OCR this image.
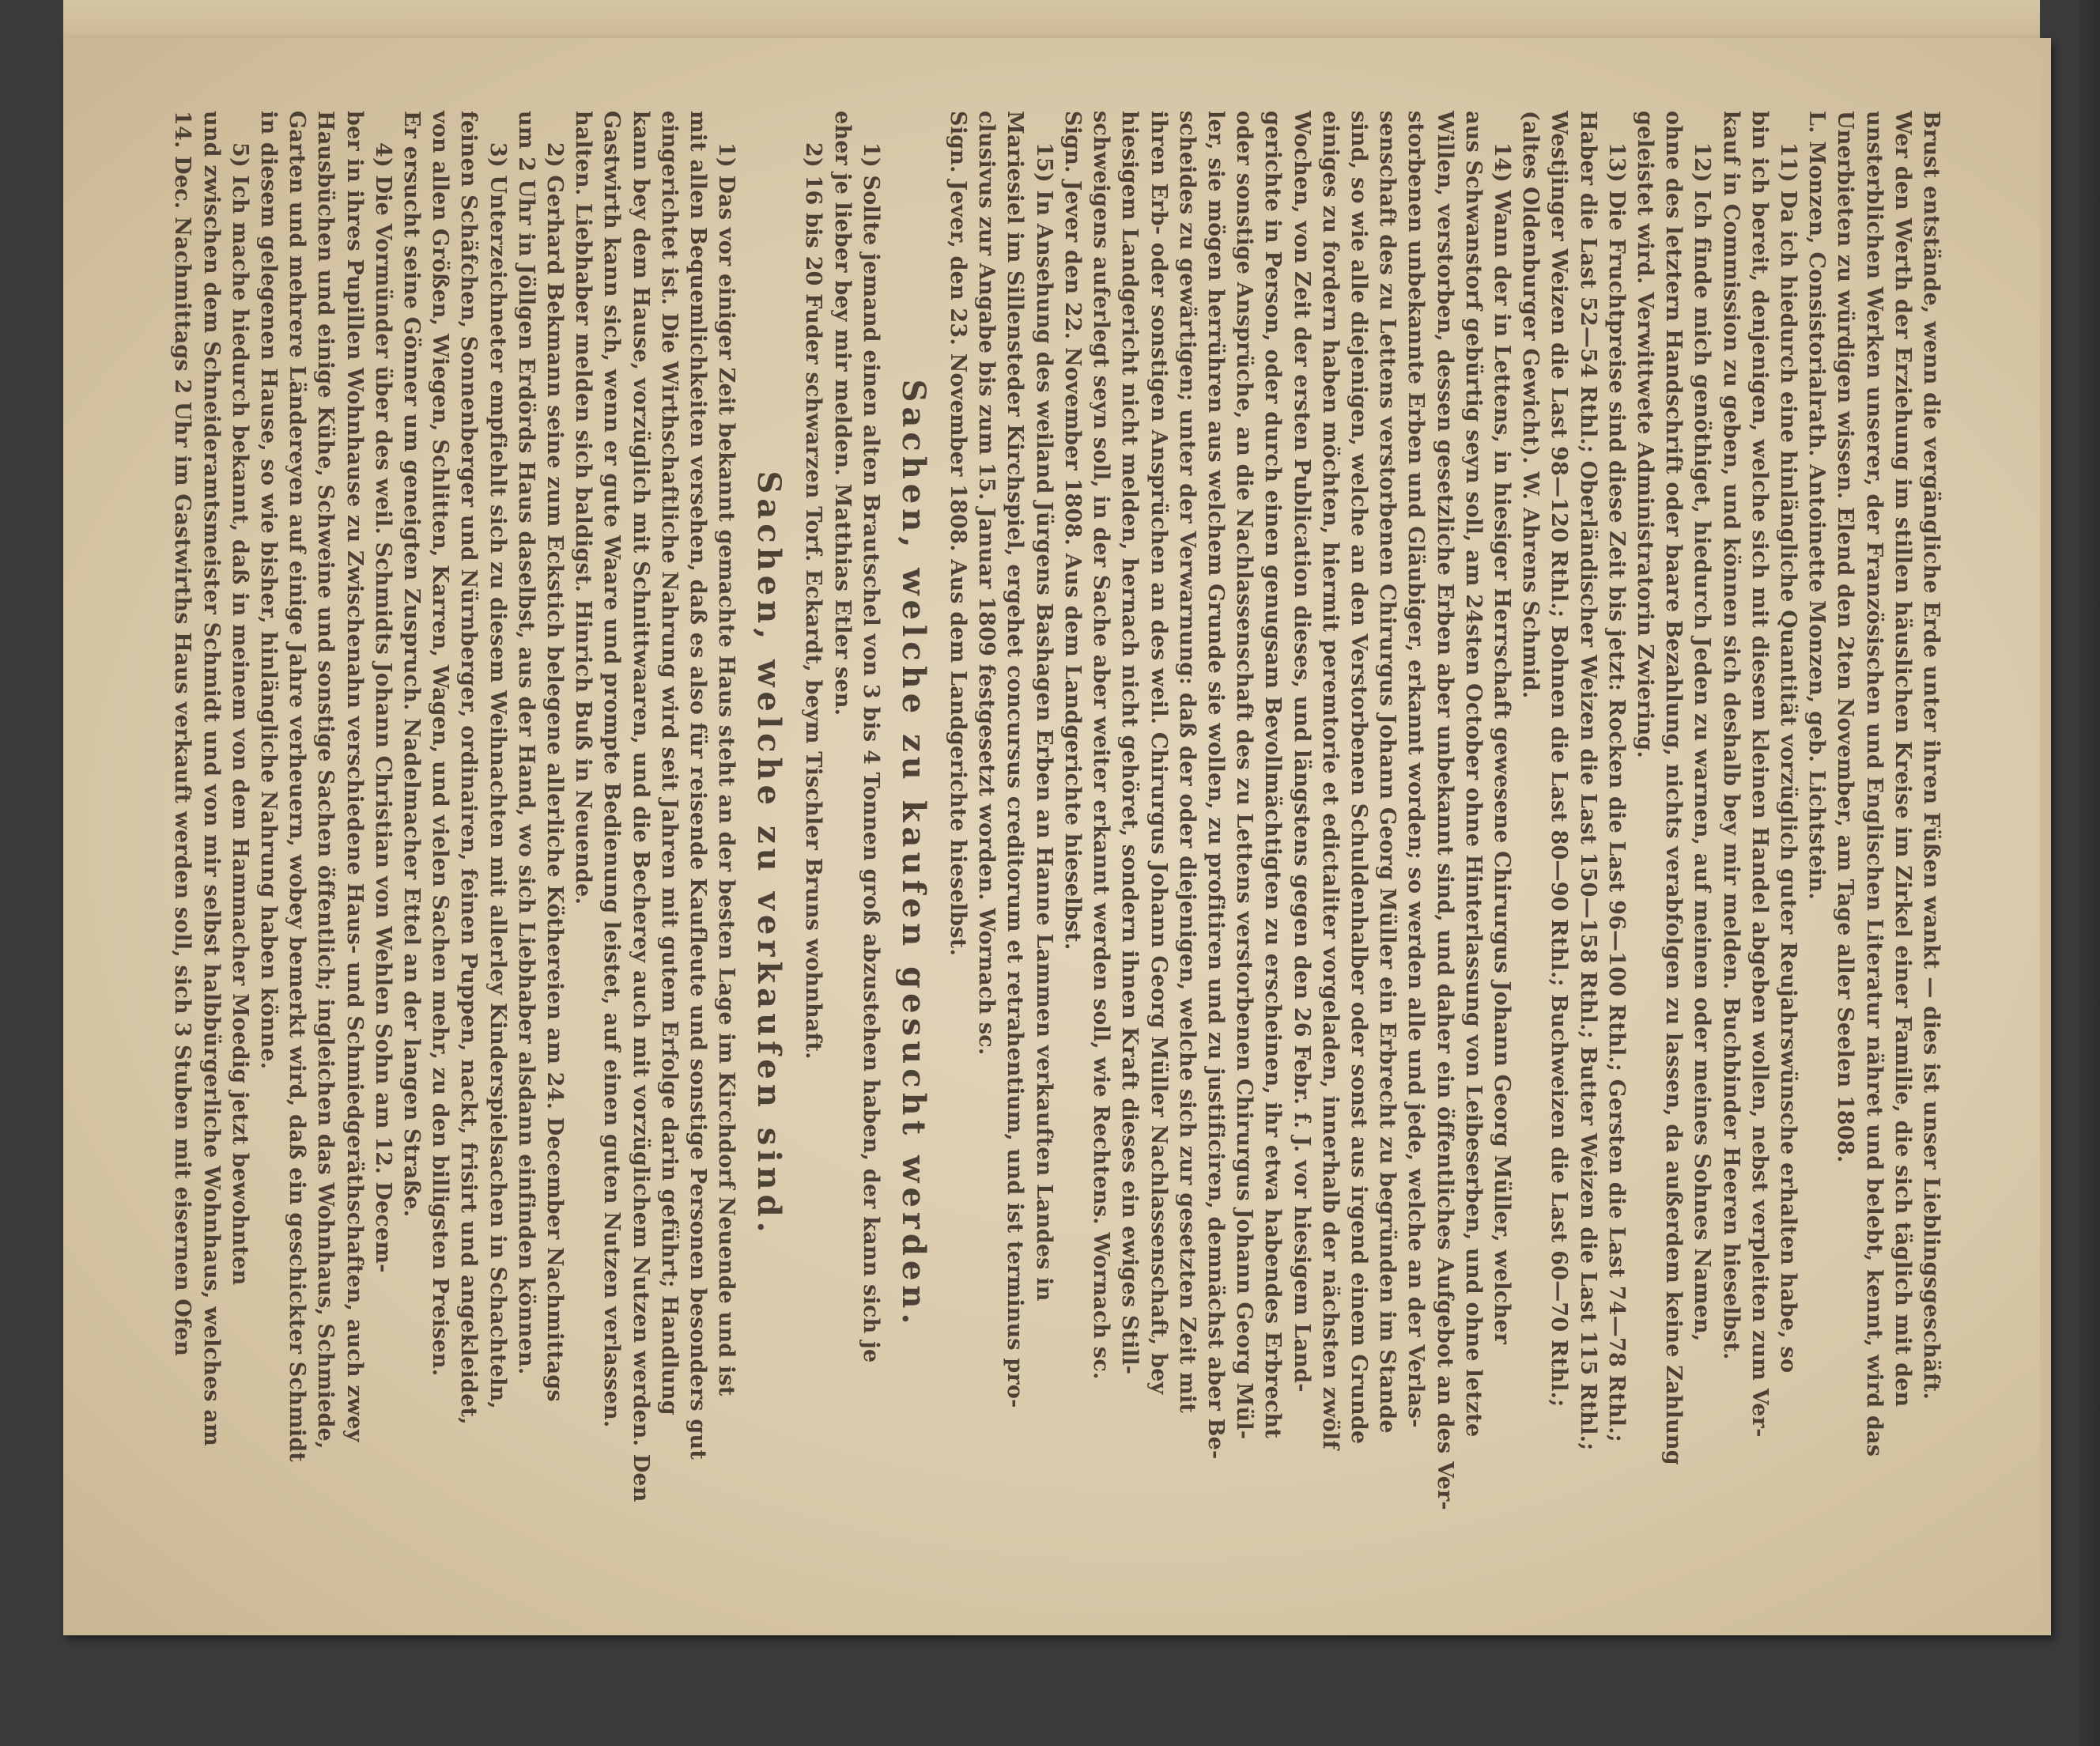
Brust entstände, wenn die vergängliche Erde unter ihren Füßen wankt — dies ist unser Lieblingsgeschäft.

Wer den Werth der Erziehung im stillen häuslichen Kreise im Zirkel einer Familie, die sich täglich mit den

unsterblichen Werken unserer, der Französischen und Englischen Literatur nähret und belebt, kennt, wird das

Unerbieten zu würdigen wissen. Elend den 2ten November, am Tage aller Seelen 1808.

L. Monzen, Consistorialrath. Antoinette Monzen, geb. Lichtstein.

11) Da ich hiedurch eine hinlängliche Quantität vorzüglich guter Reujahrswünsche erhalten habe, so

bin ich bereit, denjenigen, welche sich mit diesem kleinen Handel abgeben wollen, nebst verpleiten zum Ver-

kauf in Commission zu geben, und können sich deshalb bey mir melden. Buchbinder Heeren hieselbst.

12) Ich finde mich genöthiget, hiedurch Jeden zu warnen, auf meinen oder meines Sohnes Namen,

ohne des letztern Handschrift oder baare Bezahlung, nichts verabfolgen zu lassen, da außerdem keine Zahlung

geleistet wird. Verwittwete Administratorin Zwiering.

13) Die Fruchtpreise sind diese Zeit bis jetzt: Rocken die Last 96—100 Rthl.; Gersten die Last 74—78 Rthl.;

Haber die Last 52—54 Rthl.; Oberländischer Weizen die Last 150—158 Rthl.; Butter Weizen die Last 115 Rthl.;

Westjinger Weizen die Last 98—120 Rthl.; Bohnen die Last 80—90 Rthl.; Buchweizen die Last 60—70 Rthl.;

(altes Oldenburger Gewicht). W. Ahrens Schmid.

14) Wann der in Lettens, in hiesiger Herrschaft gewesene Chirurgus Johann Georg Müller, welcher

aus Schwanstorf gebürtig seyn soll, am 24sten October ohne Hinterlassung von Leibeserben, und ohne letzte

Willen, verstorben, dessen gesetzliche Erben aber unbekannt sind, und daher ein öffentliches Aufgebot an des Ver-

storbenen unbekannte Erben und Gläubiger, erkannt worden; so werden alle und jede, welche an der Verlas-

senschaft des zu Lettens verstorbenen Chirurgus Johann Georg Müller ein Erbrecht zu begründen im Stande

sind, so wie alle diejenigen, welche an den Verstorbenen Schuldenhalber oder sonst aus irgend einem Grunde

einiges zu fordern haben möchten, hiermit peremtorie et edictaliter vorgeladen, innerhalb der nächsten zwölf

Wochen, von Zeit der ersten Publication dieses, und längstens gegen den 26 Febr. f. J. vor hiesigem Land-

gerichte in Person, oder durch einen genugsam Bevollmächtigten zu erscheinen, ihr etwa habendes Erbrecht

oder sonstige Ansprüche, an die Nachlassenschaft des zu Lettens verstorbenen Chirurgus Johann Georg Mül-

ler, sie mögen herrühren aus welchem Grunde sie wollen, zu profitiren und zu justificiren, demnächst aber Be-

scheides zu gewärtigen; unter der Verwarnung: daß der oder diejenigen, welche sich zur gesetzten Zeit mit

ihren Erb- oder sonstigen Ansprüchen an des weil. Chirurgus Johann Georg Müller Nachlassenschaft, bey

hiesigem Landgericht nicht melden, hernach nicht gehöret, sondern ihnen Kraft dieses ein ewiges Still-

schweigens auferlegt seyn soll, in der Sache aber weiter erkannt werden soll, wie Rechtens. Wornach sc.

Sign. Jever den 22. November 1808. Aus dem Landgerichte hieselbst.

15) In Ansehung des weiland Jürgens Bashagen Erben an Hanne Lammen verkauften Landes in

Mariesiel im Sillensteder Kirchspiel, ergehet concursus creditorum et retrahentium, und ist terminus pro-

clusivus zur Angabe bis zum 15. Januar 1809 festgesetzt worden. Wornach sc.

Sign. Jever, den 23. November 1808. Aus dem Landgerichte hieselbst.

Sachen, welche zu kaufen gesucht werden.

1) Sollte jemand einen alten Brautschel von 3 bis 4 Tonnen groß abzustehen haben, der kann sich je

eher je lieber bey mir melden. Matthias Etler sen.

2) 16 bis 20 Fuder schwarzen Torf. Eckardt, beym Tischler Bruns wohnhaft.

Sachen, welche zu verkaufen sind.

1) Das vor einiger Zeit bekannt gemachte Haus steht an der besten Lage im Kirchdorf Neuende und ist

mit allen Bequemlichkeiten versehen, daß es also für reisende Kaufleute und sonstige Personen besonders gut

eingerichtet ist. Die Wirthschaftliche Nahrung wird seit Jahren mit gutem Erfolge darin geführt; Handlung

kann bey dem Hause, vorzüglich mit Schnittwaaren, und die Becherey auch mit vorzüglichem Nutzen werden. Den

Gastwirth kann sich, wenn er gute Waare und prompte Bedienung leistet, auf einen guten Nutzen verlassen.

halten. Liebhaber melden sich baldigst. Hinrich Buß in Neuende.

2) Gerhard Bekmann seine zum Eckstich belegene allerliche Köthereien am 24. December Nachmittags

um 2 Uhr in Jöllgen Erdörds Haus daselbst, aus der Hand, wo sich Liebhaber alsdann einfinden können.

3) Unterzeichneter empfiehlt sich zu diesem Weihnachten mit allerley Kinderspielsachen in Schachteln,

feinen Schäfchen, Sonnenberger und Nürnberger, ordinairen, feinen Puppen, nackt, frisirt und angekleidet,

von allen Größen, Wiegen, Schlitten, Karren, Wagen, und vielen Sachen mehr, zu den billigsten Preisen.

Er ersucht seine Gönner um geneigten Zuspruch. Nadelmacher Ettel an der langen Straße.

4) Die Vormünder über des weil. Schmidts Johann Christian von Wehlen Sohn am 12. Decem-

ber in ihres Pupillen Wohnhause zu Zwischenahn verschiedene Haus- und Schmiedgeräthschaften, auch zwey

Hausbüchen und einige Kühe, Schweine und sonstige Sachen öffentlich; ingleichen das Wohnhaus, Schmiede,

Garten und mehrere Ländereyen auf einige Jahre verheuern, wobey bemerkt wird, daß ein geschickter Schmidt

in diesem gelegenen Hause, so wie bisher, hinlängliche Nahrung haben könne.

5) Ich mache hiedurch bekannt, daß in meinem von dem Hammacher Moedig jetzt bewohnten

und zwischen dem Schneideramtsmeister Schmidt und von mir selbst halbbürgerliche Wohnhaus, welches am

14. Dec. Nachmittags 2 Uhr im Gastwirths Haus verkauft werden soll, sich 3 Stuben mit eisernen Ofen
